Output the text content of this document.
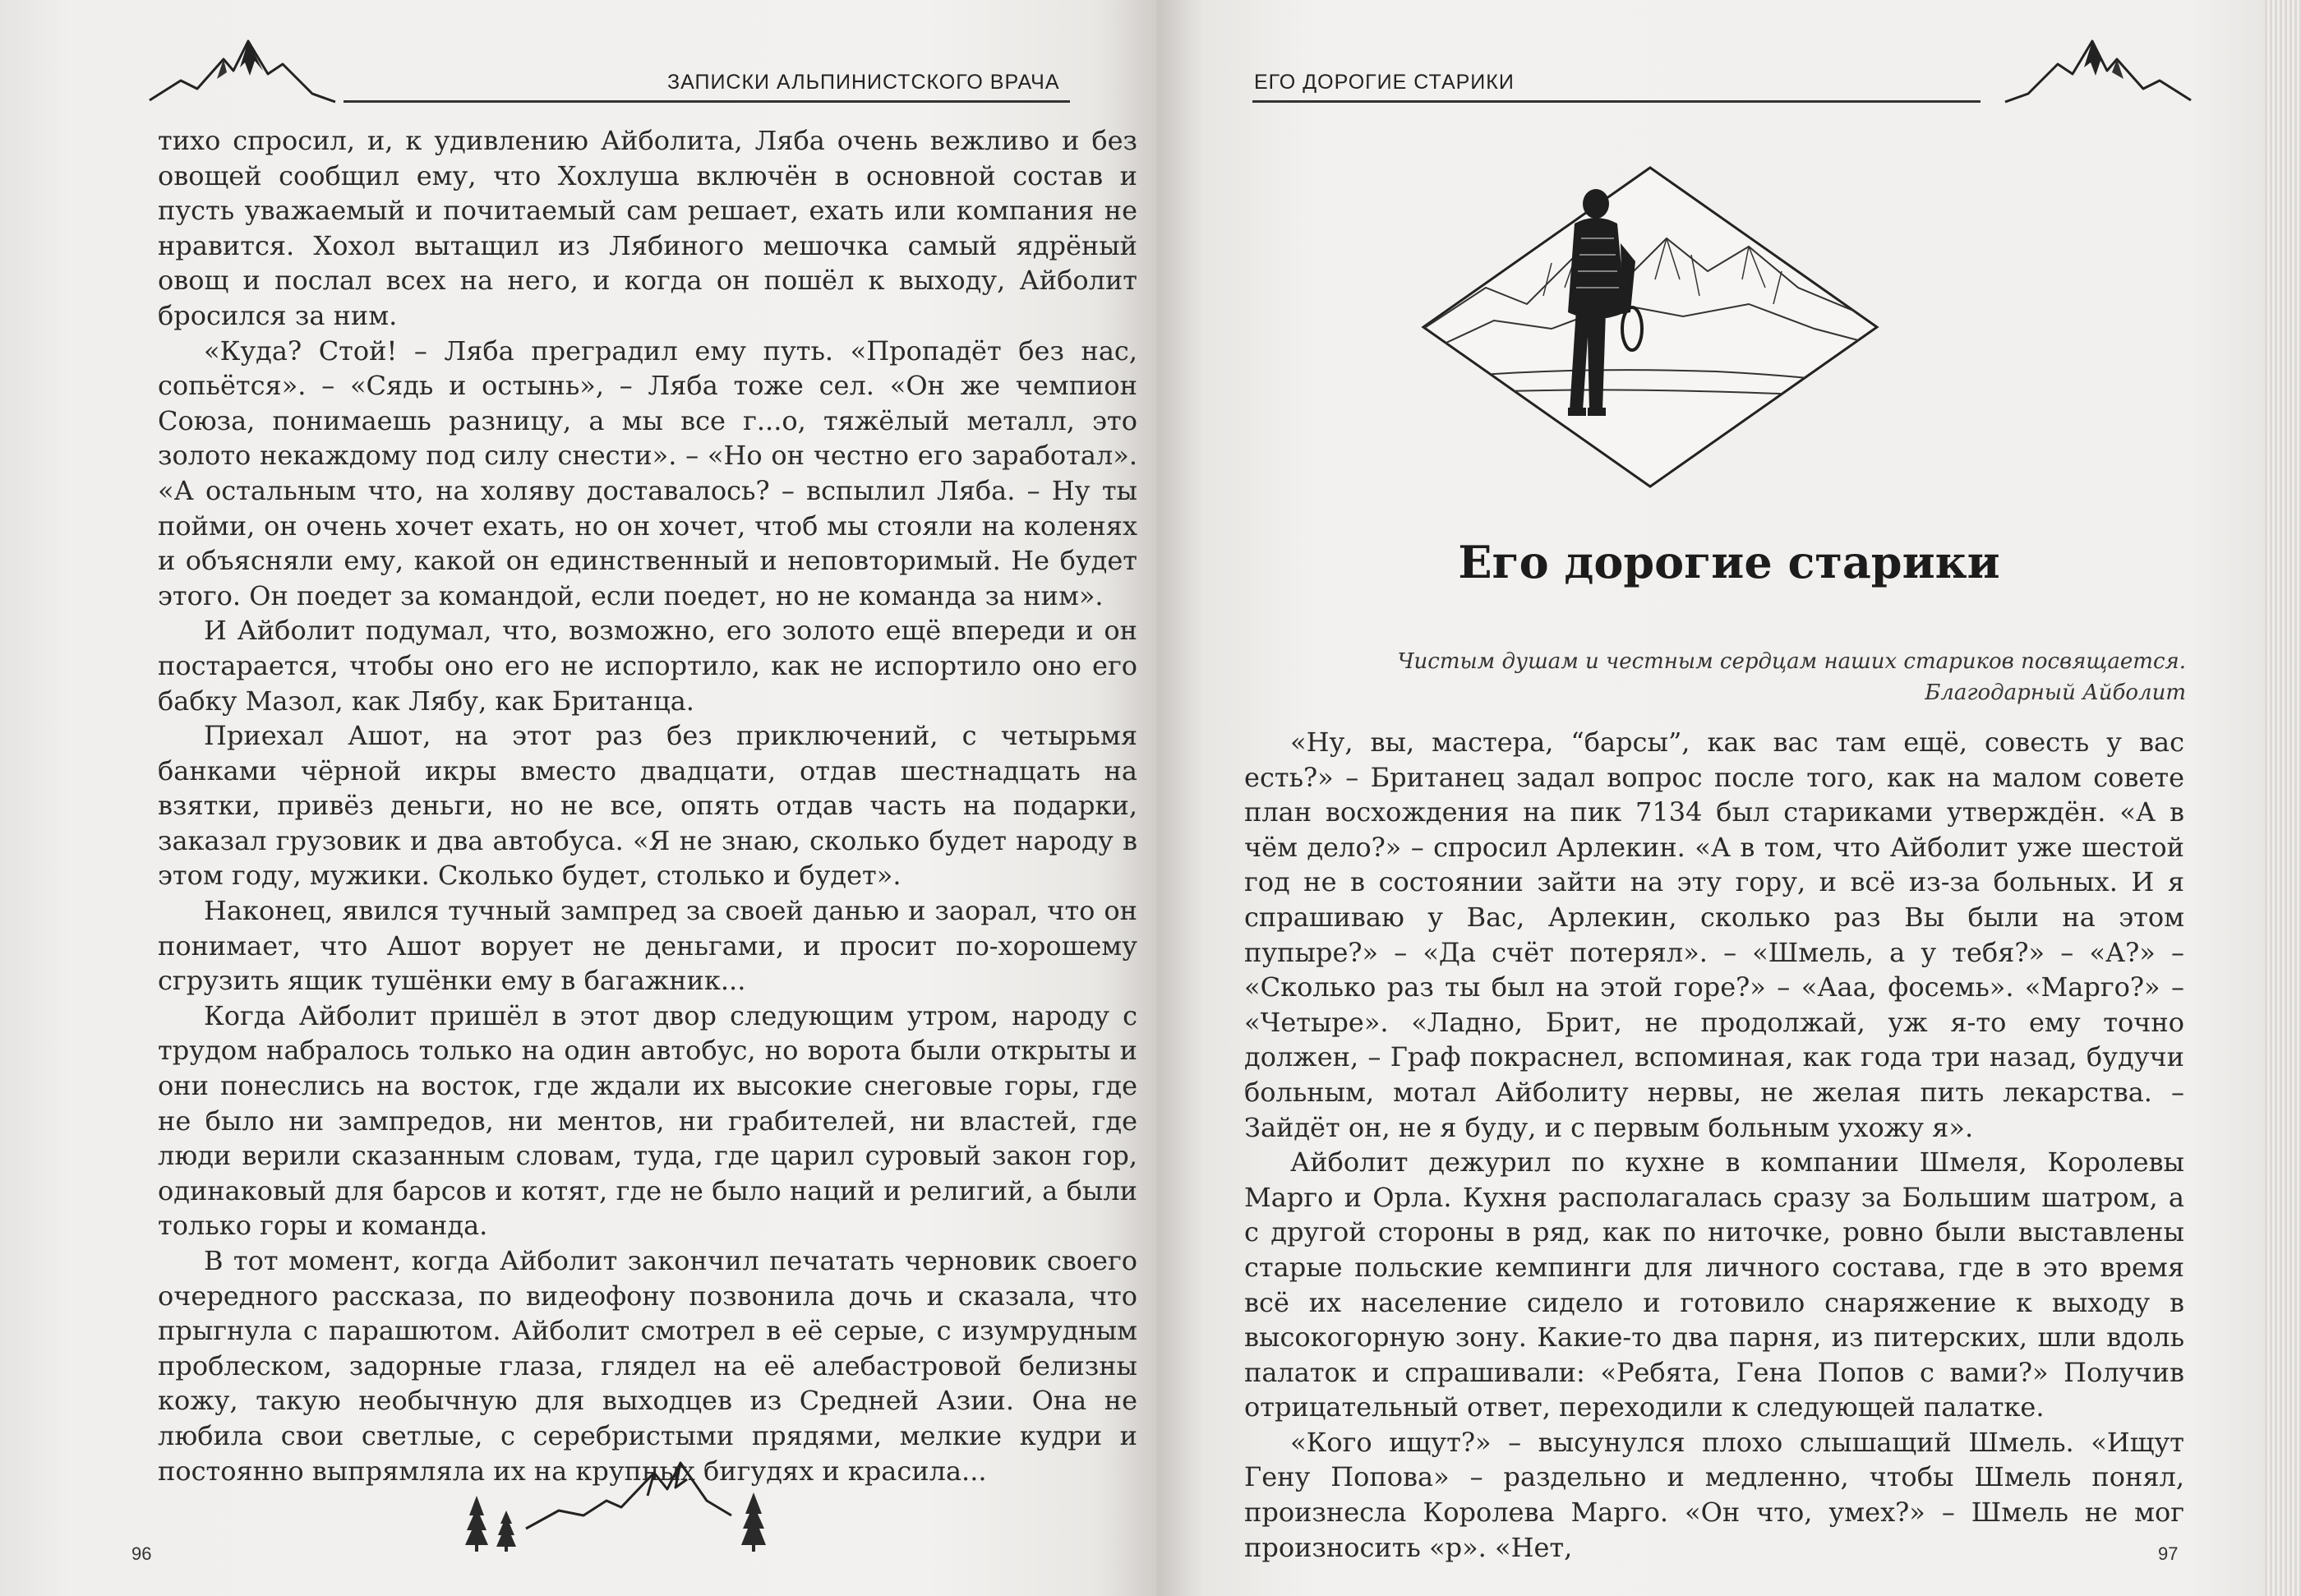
ЗАПИСКИ АЛЬПИНИСТСКОГО ВРАЧА

тихо спросил, и, к удивлению Айболита, Ляба очень вежливо и без овощей сообщил ему, что Хохлуша включён в основной состав и пусть уважаемый и почитаемый сам решает, ехать или компания не нравится. Хохол вытащил из Лябиного мешочка самый ядрёный овощ и послал всех на него, и когда он пошёл к выходу, Айболит бросился за ним.

«Куда? Стой! – Ляба преградил ему путь. «Пропадёт без нас, сопьётся». – «Сядь и остынь», – Ляба тоже сел. «Он же чемпион Союза, понимаешь разницу, а мы все г...о, тяжёлый металл, это золото некаждому под силу снести». – «Но он честно его заработал». «А остальным что, на холяву доставалось? – вспылил Ляба. – Ну ты пойми, он очень хочет ехать, но он хочет, чтоб мы стояли на коленях и объясняли ему, какой он единственный и неповторимый. Не будет этого. Он поедет за командой, если поедет, но не команда за ним».

И Айболит подумал, что, возможно, его золото ещё впереди и он постарается, чтобы оно его не испортило, как не испортило оно его бабку Мазол, как Лябу, как Британца.

Приехал Ашот, на этот раз без приключений, с четырьмя банками чёрной икры вместо двадцати, отдав шестнадцать на взятки, привёз деньги, но не все, опять отдав часть на подарки, заказал грузовик и два автобуса. «Я не знаю, сколько будет народу в этом году, мужики. Сколько будет, столько и будет».

Наконец, явился тучный зампред за своей данью и заорал, что он понимает, что Ашот ворует не деньгами, и просит по-хорошему сгрузить ящик тушёнки ему в багажник...

Когда Айболит пришёл в этот двор следующим утром, народу с трудом набралось только на один автобус, но ворота были открыты и они понеслись на восток, где ждали их высокие снеговые горы, где не было ни зампредов, ни ментов, ни грабителей, ни властей, где люди верили сказанным словам, туда, где царил суровый закон гор, одинаковый для барсов и котят, где не было наций и религий, а были только горы и команда.

В тот момент, когда Айболит закончил печатать черновик своего очередного рассказа, по видеофону позвонила дочь и сказала, что прыгнула с парашютом. Айболит смотрел в её серые, с изумрудным проблеском, задорные глаза, глядел на её алебастровой белизны кожу, такую необычную для выходцев из Средней Азии. Она не любила свои светлые, с серебристыми прядями, мелкие кудри и постоянно выпрямляла их на крупных бигудях и красила...

96
ЕГО ДОРОГИЕ СТАРИКИ
Его дорогие старики
Чистым душам и честным сердцам наших стариков посвящается.
Благодарный Айболит

«Ну, вы, мастера, “барсы”, как вас там ещё, совесть у вас есть?» – Британец задал вопрос после того, как на малом совете план восхождения на пик 7134 был стариками утверждён. «А в чём дело?» – спросил Арлекин. «А в том, что Айболит уже шестой год не в состоянии зайти на эту гору, и всё из-за больных. И я спрашиваю у Вас, Арлекин, сколько раз Вы были на этом пупыре?» – «Да счёт потерял». – «Шмель, а у тебя?» – «А?» – «Сколько раз ты был на этой горе?» – «Ааа, фосемь». «Марго?» – «Четыре». «Ладно, Брит, не продолжай, уж я-то ему точно должен, – Граф покраснел, вспоминая, как года три назад, будучи больным, мотал Айболиту нервы, не желая пить лекарства. – Зайдёт он, не я буду, и с первым больным ухожу я».

Айболит дежурил по кухне в компании Шмеля, Королевы Марго и Орла. Кухня располагалась сразу за Большим шатром, а с другой стороны в ряд, как по ниточке, ровно были выставлены старые польские кемпинги для личного состава, где в это время всё их население сидело и готовило снаряжение к выходу в высокогорную зону. Какие-то два парня, из питерских, шли вдоль палаток и спрашивали: «Ребята, Гена Попов с вами?» Получив отрицательный ответ, переходили к следующей палатке.

«Кого ищут?» – высунулся плохо слышащий Шмель. «Ищут Гену Попова» – раздельно и медленно, чтобы Шмель понял, произнесла Королева Марго. «Он что, умех?» – Шмель не мог произносить «р». «Нет,	97
